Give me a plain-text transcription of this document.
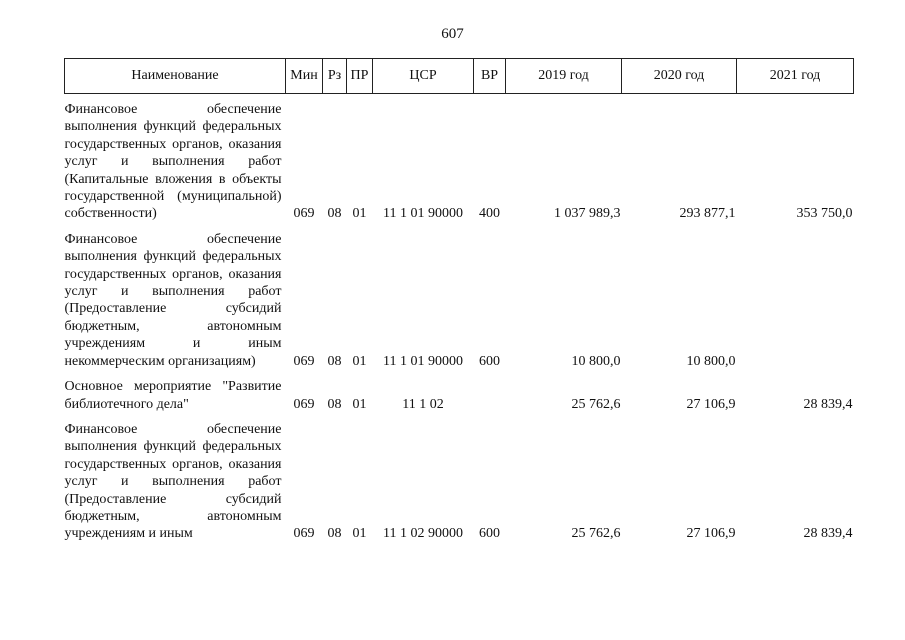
607
Наименование	Мин	Рз	ПР	ЦСР	ВР	2019 год	2020 год	2021 год

Финансовое обеспечение выполнения функций федеральных государственных органов, оказания услуг и выполнения работ (Капитальные вложения в объекты государственной (муниципальной) собственности)	069	08	01	11 1 01 90000	400	1 037 989,3	293 877,1	353 750,0

Финансовое обеспечение выполнения функций федеральных государственных органов, оказания услуг и выполнения работ (Предоставление субсидий бюджетным, автономным учреждениям и иным некоммерческим организациям)	069	08	01	11 1 01 90000	600	10 800,0	10 800,0	

Основное мероприятие "Развитие библиотечного дела"	069	08	01	11 1 02		25 762,6	27 106,9	28 839,4

Финансовое обеспечение выполнения функций федеральных государственных органов, оказания услуг и выполнения работ (Предоставление субсидий бюджетным, автономным учреждениям и иным	069	08	01	11 1 02 90000	600	25 762,6	27 106,9	28 839,4
